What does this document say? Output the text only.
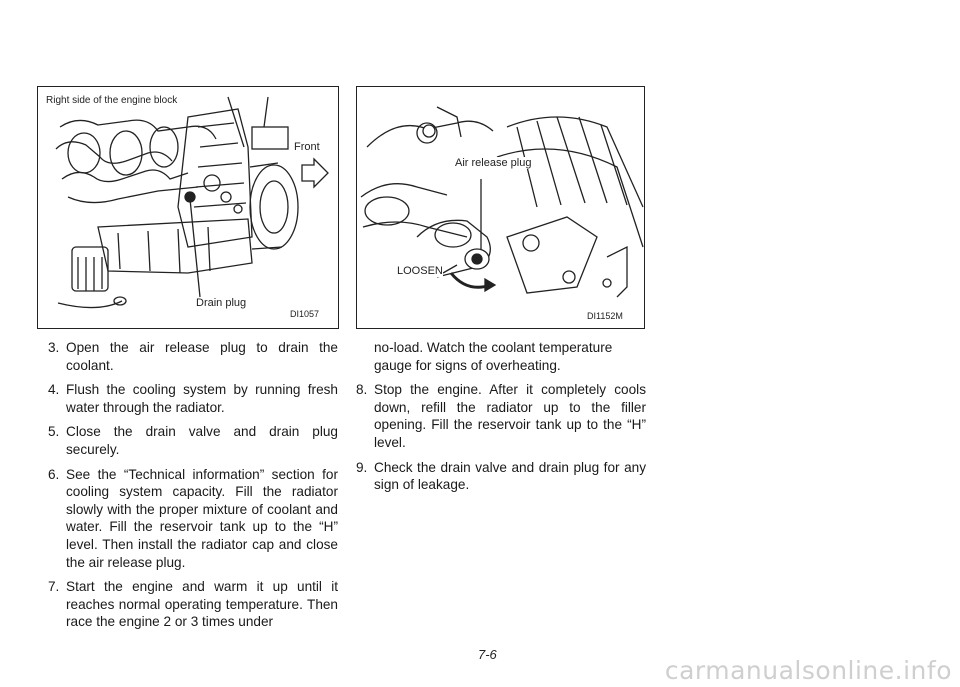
Right side of the engine block
Front
Drain plug
DI1057
Air release plug
LOOSEN
DI1152M
3. Open the air release plug to drain the coolant.
4. Flush the cooling system by running fresh water through the radiator.
5. Close the drain valve and drain plug securely.
6. See the “Technical information” section for cooling system capacity. Fill the radiator slowly with the proper mixture of coolant and water. Fill the reservoir tank up to the “H” level. Then install the radiator cap and close the air release plug.
7. Start the engine and warm it up until it reaches normal operating temperature. Then race the engine 2 or 3 times under
no-load. Watch the coolant temperature gauge for signs of overheating.
8. Stop the engine. After it completely cools down, refill the radiator up to the filler opening. Fill the reservoir tank up to the “H” level.
9. Check the drain valve and drain plug for any sign of leakage.
7-6
carmanualsonline.info
